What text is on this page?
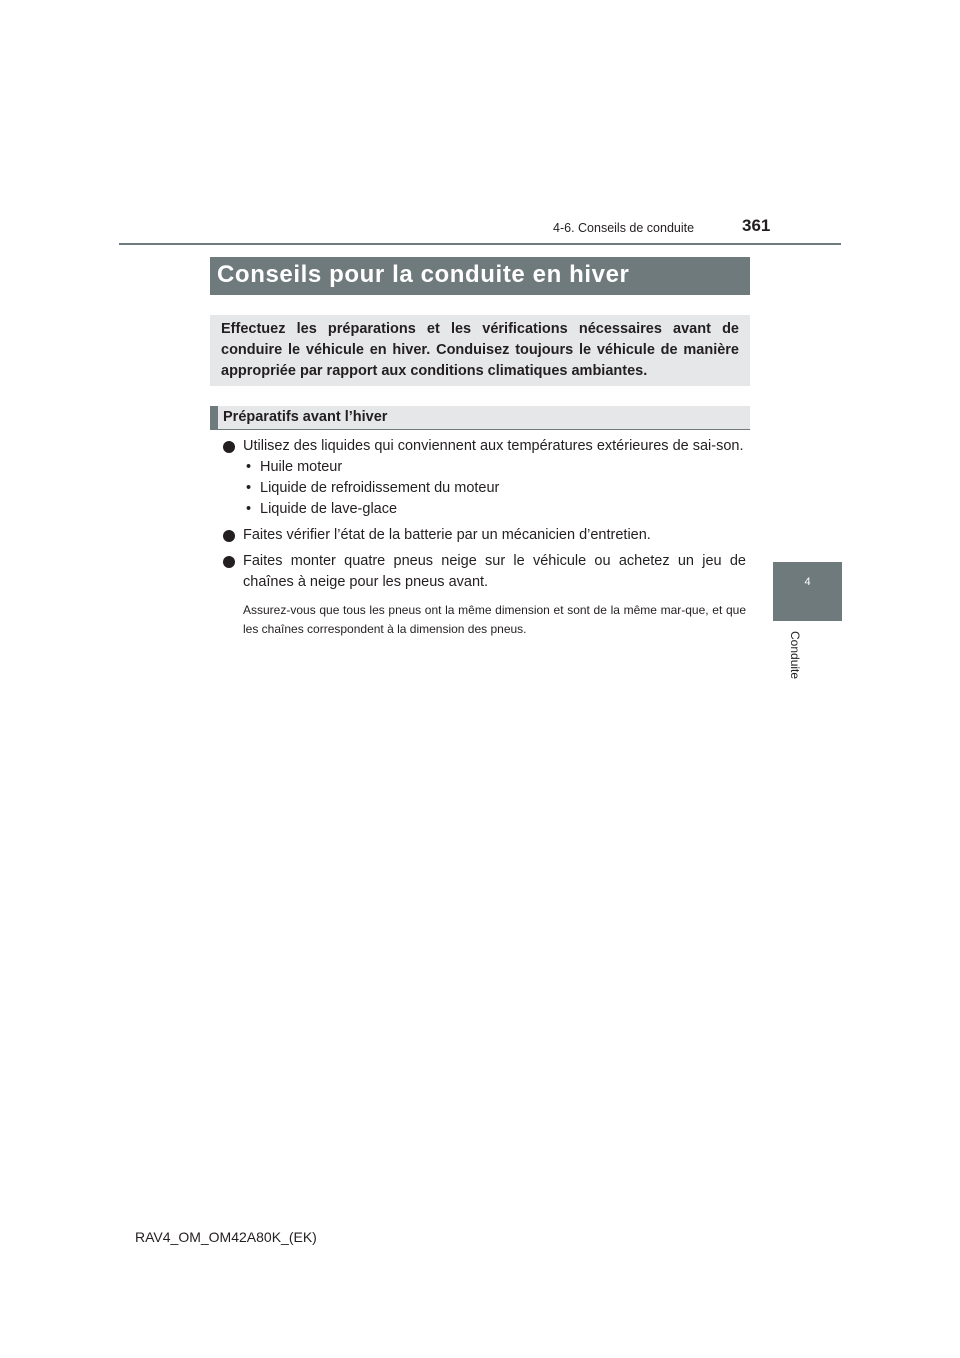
4-6. Conseils de conduite	361
Conseils pour la conduite en hiver

Effectuez les préparations et les vérifications nécessaires avant de conduire le véhicule en hiver. Conduisez toujours le véhicule de manière appropriée par rapport aux conditions climatiques ambiantes.

Préparatifs avant l’hiver
Utilisez des liquides qui conviennent aux températures extérieures de sai-son.
• Huile moteur
• Liquide de refroidissement du moteur
• Liquide de lave-glace
Faites vérifier l’état de la batterie par un mécanicien d’entretien.
Faites monter quatre pneus neige sur le véhicule ou achetez un jeu de chaînes à neige pour les pneus avant.
Assurez-vous que tous les pneus ont la même dimension et sont de la même mar-que, et que les chaînes correspondent à la dimension des pneus.
4
Conduite
RAV4_OM_OM42A80K_(EK)
